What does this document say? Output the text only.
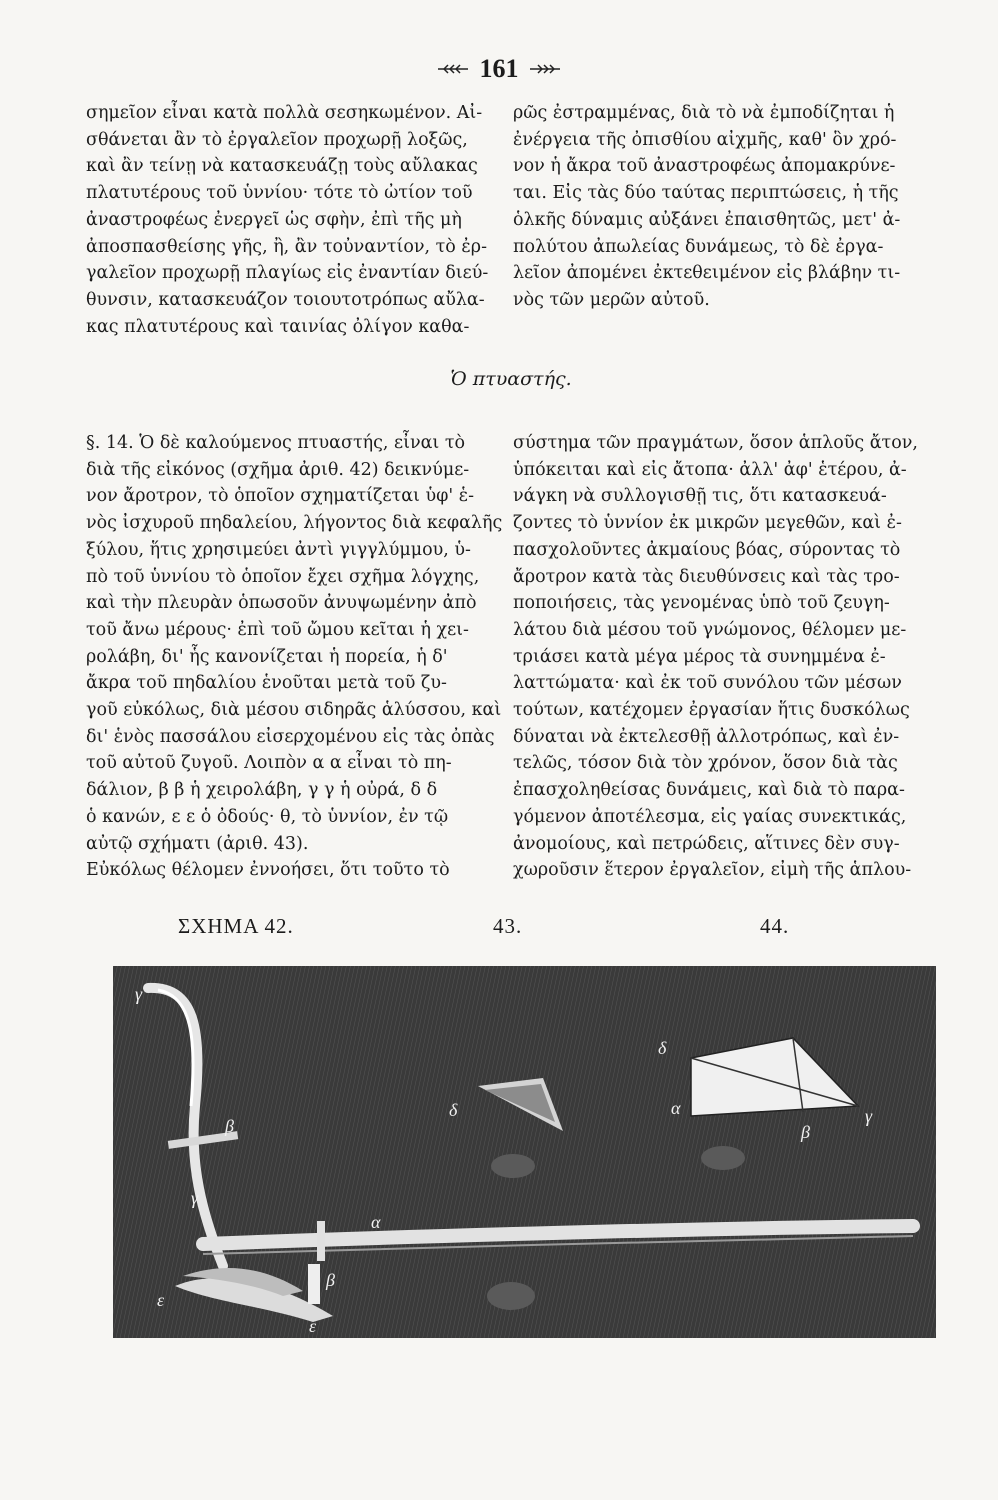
161

σημεῖον εἶναι κατὰ πολλὰ σεσηκωμένον. Αἰ-

σθάνεται ἂν τὸ ἐργαλεῖον προχωρῇ λοξῶς,

καὶ ἂν τείνῃ νὰ κατασκευάζῃ τοὺς αὔλακας

πλατυτέρους τοῦ ὑννίου· τότε τὸ ὠτίον τοῦ

ἀναστροφέως ἐνεργεῖ ὡς σφὴν, ἐπὶ τῆς μὴ

ἀποσπασθείσης γῆς, ἢ, ἂν τοὐναντίον, τὸ ἐρ-

γαλεῖον προχωρῇ πλαγίως εἰς ἐναντίαν διεύ-

θυνσιν, κατασκευάζον τοιουτοτρόπως αὔλα-

κας πλατυτέρους καὶ ταινίας ὀλίγον καθα-

ρῶς ἐστραμμένας, διὰ τὸ νὰ ἐμποδίζηται ἡ

ἐνέργεια τῆς ὀπισθίου αἰχμῆς, καθ' ὃν χρό-

νον ἡ ἄκρα τοῦ ἀναστροφέως ἀπομακρύνε-

ται. Εἰς τὰς δύο ταύτας περιπτώσεις, ἡ τῆς

ὁλκῆς δύναμις αὐξάνει ἐπαισθητῶς, μετ' ἀ-

πολύτου ἀπωλείας δυνάμεως, τὸ δὲ ἐργα-

λεῖον ἀπομένει ἐκτεθειμένον εἰς βλάβην τι-

νὸς τῶν μερῶν αὐτοῦ.

Ὁ πτυαστής.

§. 14. Ὁ δὲ καλούμενος πτυαστής, εἶναι τὸ

διὰ τῆς εἰκόνος (σχῆμα ἀριθ. 42) δεικνύμε-

νον ἄροτρον, τὸ ὁποῖον σχηματίζεται ὑφ' ἑ-

νὸς ἰσχυροῦ πηδαλείου, λήγοντος διὰ κεφαλῆς

ξύλου, ἥτις χρησιμεύει ἀντὶ γιγγλύμμου, ὑ-

πὸ τοῦ ὑννίου τὸ ὁποῖον ἔχει σχῆμα λόγχης,

καὶ τὴν πλευρὰν ὁπωσοῦν ἀνυψωμένην ἀπὸ

τοῦ ἄνω μέρους· ἐπὶ τοῦ ὤμου κεῖται ἡ χει-

ρολάβη, δι' ἧς κανονίζεται ἡ πορεία, ἡ δ'

ἄκρα τοῦ πηδαλίου ἑνοῦται μετὰ τοῦ ζυ-

γοῦ εὐκόλως, διὰ μέσου σιδηρᾶς ἁλύσσου, καὶ

δι' ἑνὸς πασσάλου εἰσερχομένου εἰς τὰς ὀπὰς

τοῦ αὐτοῦ ζυγοῦ. Λοιπὸν α α εἶναι τὸ πη-

δάλιον, β β ἡ χειρολάβη, γ γ ἡ οὐρά, δ δ

ὁ κανών, ε ε ὁ ὀδούς· θ, τὸ ὑννίον, ἐν τῷ

αὐτῷ σχήματι (ἀριθ. 43).

Εὐκόλως θέλομεν ἐννοήσει, ὅτι τοῦτο τὸ

σύστημα τῶν πραγμάτων, ὅσον ἁπλοῦς ἄτον,

ὑπόκειται καὶ εἰς ἄτοπα· ἀλλ' ἀφ' ἑτέρου, ἀ-

νάγκη νὰ συλλογισθῇ τις, ὅτι κατασκευά-

ζοντες τὸ ὑννίον ἐκ μικρῶν μεγεθῶν, καὶ ἐ-

πασχολοῦντες ἀκμαίους βόας, σύροντας τὸ

ἄροτρον κατὰ τὰς διευθύνσεις καὶ τὰς τρο-

ποποιήσεις, τὰς γενομένας ὑπὸ τοῦ ζευγη-

λάτου διὰ μέσου τοῦ γνώμονος, θέλομεν με-

τριάσει κατὰ μέγα μέρος τὰ συνημμένα ἐ-

λαττώματα· καὶ ἐκ τοῦ συνόλου τῶν μέσων

τούτων, κατέχομεν ἐργασίαν ἥτις δυσκόλως

δύναται νὰ ἐκτελεσθῇ ἀλλοτρόπως, καὶ ἐν-

τελῶς, τόσον διὰ τὸν χρόνον, ὅσον διὰ τὰς

ἐπασχοληθείσας δυνάμεις, καὶ διὰ τὸ παρα-

γόμενον ἀποτέλεσμα, εἰς γαίας συνεκτικάς,

ἀνομοίους, καὶ πετρώδεις, αἵτινες δὲν συγ-

χωροῦσιν ἕτερον ἐργαλεῖον, εἰμὴ τῆς ἁπλου-

ΣΧΗΜΑ 42.	43.	44.
γ
β
γ
α
β
ε
ε
δ
δ
α
β
γ
